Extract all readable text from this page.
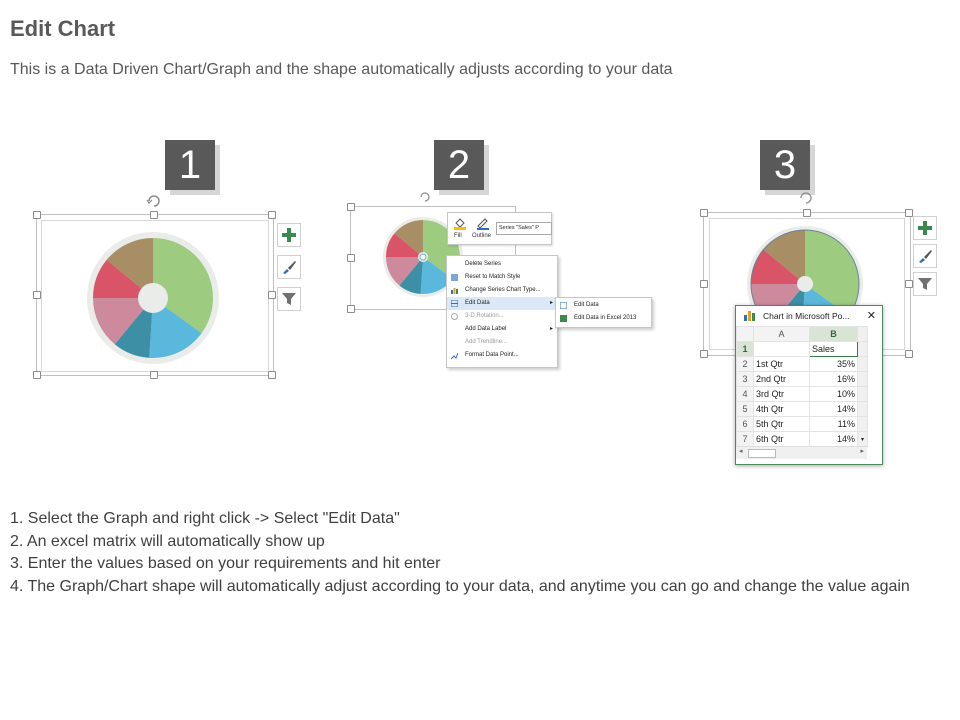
Edit Chart
This is a Data Driven Chart/Graph and the shape automatically adjusts according to your data
1	2	3
Fill Outline
Series "Sales" P
Delete Series
Reset to Match Style
Change Series Chart Type...
Edit Data	▸
3-D Rotation...
Add Data Label	▸
Add Trendline...
Format Data Point...
Edit Data
Edit Data in Excel 2013	Chart in Microsoft Po... ✕
	A	B	
1		Sales	
2	1st Qtr	35%	
3	2nd Qtr	16%	
4	3rd Qtr	10%	
5	4th Qtr	14%	
6	5th Qtr	11%	
7	6th Qtr	14%	▾
◂	▸
1. Select the Graph and right click -> Select "Edit Data"
2. An excel matrix will automatically show up
3. Enter the values based on your requirements and hit enter
4. The Graph/Chart shape will automatically adjust according to your data, and anytime you can go and change the value again
